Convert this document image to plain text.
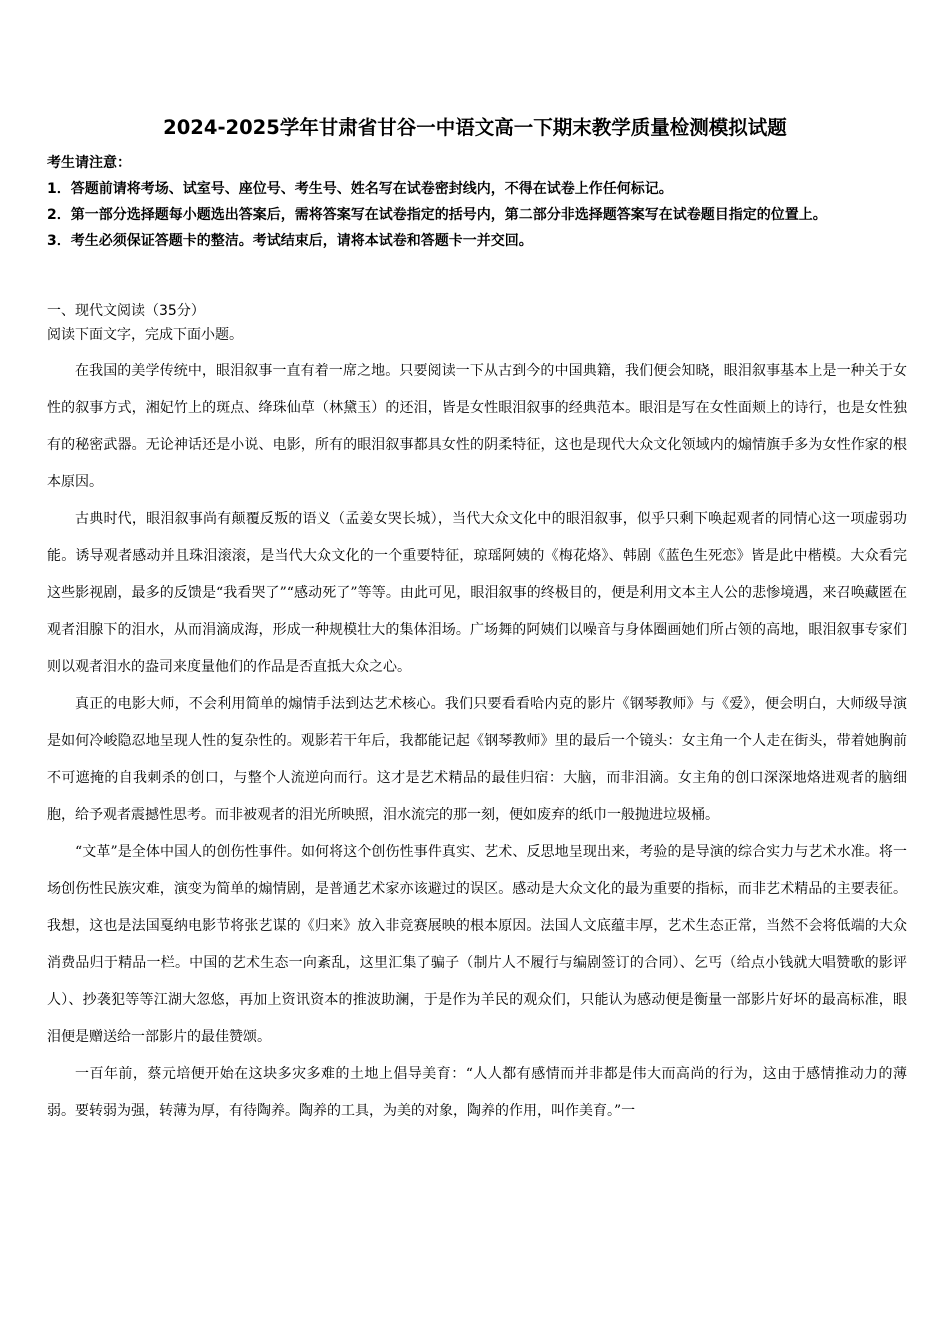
2024-2025学年甘肃省甘谷一中语文高一下期末教学质量检测模拟试题
考生请注意：
1．答题前请将考场、试室号、座位号、考生号、姓名写在试卷密封线内，不得在试卷上作任何标记。
2．第一部分选择题每小题选出答案后，需将答案写在试卷指定的括号内，第二部分非选择题答案写在试卷题目指定的位置上。
3．考生必须保证答题卡的整洁。考试结束后，请将本试卷和答题卡一并交回。
一、现代文阅读（35分）
阅读下面文字，完成下面小题。

在我国的美学传统中，眼泪叙事一直有着一席之地。只要阅读一下从古到今的中国典籍，我们便会知晓，眼泪叙事基本上是一种关于女性的叙事方式，湘妃竹上的斑点、绛珠仙草（林黛玉）的还泪，皆是女性眼泪叙事的经典范本。眼泪是写在女性面颊上的诗行，也是女性独有的秘密武器。无论神话还是小说、电影，所有的眼泪叙事都具女性的阴柔特征，这也是现代大众文化领域内的煽情旗手多为女性作家的根本原因。

古典时代，眼泪叙事尚有颠覆反叛的语义（孟姜女哭长城），当代大众文化中的眼泪叙事，似乎只剩下唤起观者的同情心这一项虚弱功能。诱导观者感动并且珠泪滚滚，是当代大众文化的一个重要特征，琼瑶阿姨的《梅花烙》、韩剧《蓝色生死恋》皆是此中楷模。大众看完这些影视剧，最多的反馈是“我看哭了”“感动死了”等等。由此可见，眼泪叙事的终极目的，便是利用文本主人公的悲惨境遇，来召唤藏匿在观者泪腺下的泪水，从而涓滴成海，形成一种规模壮大的集体泪场。广场舞的阿姨们以噪音与身体圈画她们所占领的高地，眼泪叙事专家们则以观者泪水的盎司来度量他们的作品是否直抵大众之心。

真正的电影大师，不会利用简单的煽情手法到达艺术核心。我们只要看看哈内克的影片《钢琴教师》与《爱》，便会明白，大师级导演是如何冷峻隐忍地呈现人性的复杂性的。观影若干年后，我都能记起《钢琴教师》里的最后一个镜头：女主角一个人走在街头，带着她胸前不可遮掩的自我刺杀的创口，与整个人流逆向而行。这才是艺术精品的最佳归宿：大脑，而非泪滴。女主角的创口深深地烙进观者的脑细胞，给予观者震撼性思考。而非被观者的泪光所映照，泪水流完的那一刻，便如废弃的纸巾一般抛进垃圾桶。

“文革”是全体中国人的创伤性事件。如何将这个创伤性事件真实、艺术、反思地呈现出来，考验的是导演的综合实力与艺术水准。将一场创伤性民族灾难，演变为简单的煽情剧，是普通艺术家亦该避过的误区。感动是大众文化的最为重要的指标，而非艺术精品的主要表征。我想，这也是法国戛纳电影节将张艺谋的《归来》放入非竞赛展映的根本原因。法国人文底蕴丰厚，艺术生态正常，当然不会将低端的大众消费品归于精品一栏。中国的艺术生态一向紊乱，这里汇集了骗子（制片人不履行与编剧签订的合同）、乞丐（给点小钱就大唱赞歌的影评人）、抄袭犯等等江湖大忽悠，再加上资讯资本的推波助澜，于是作为羊民的观众们，只能认为感动便是衡量一部影片好坏的最高标准，眼泪便是赠送给一部影片的最佳赞颂。

一百年前，蔡元培便开始在这块多灾多难的土地上倡导美育：“人人都有感情而并非都是伟大而高尚的行为，这由于感情推动力的薄弱。要转弱为强，转薄为厚，有待陶养。陶养的工具，为美的对象，陶养的作用，叫作美育。”一
